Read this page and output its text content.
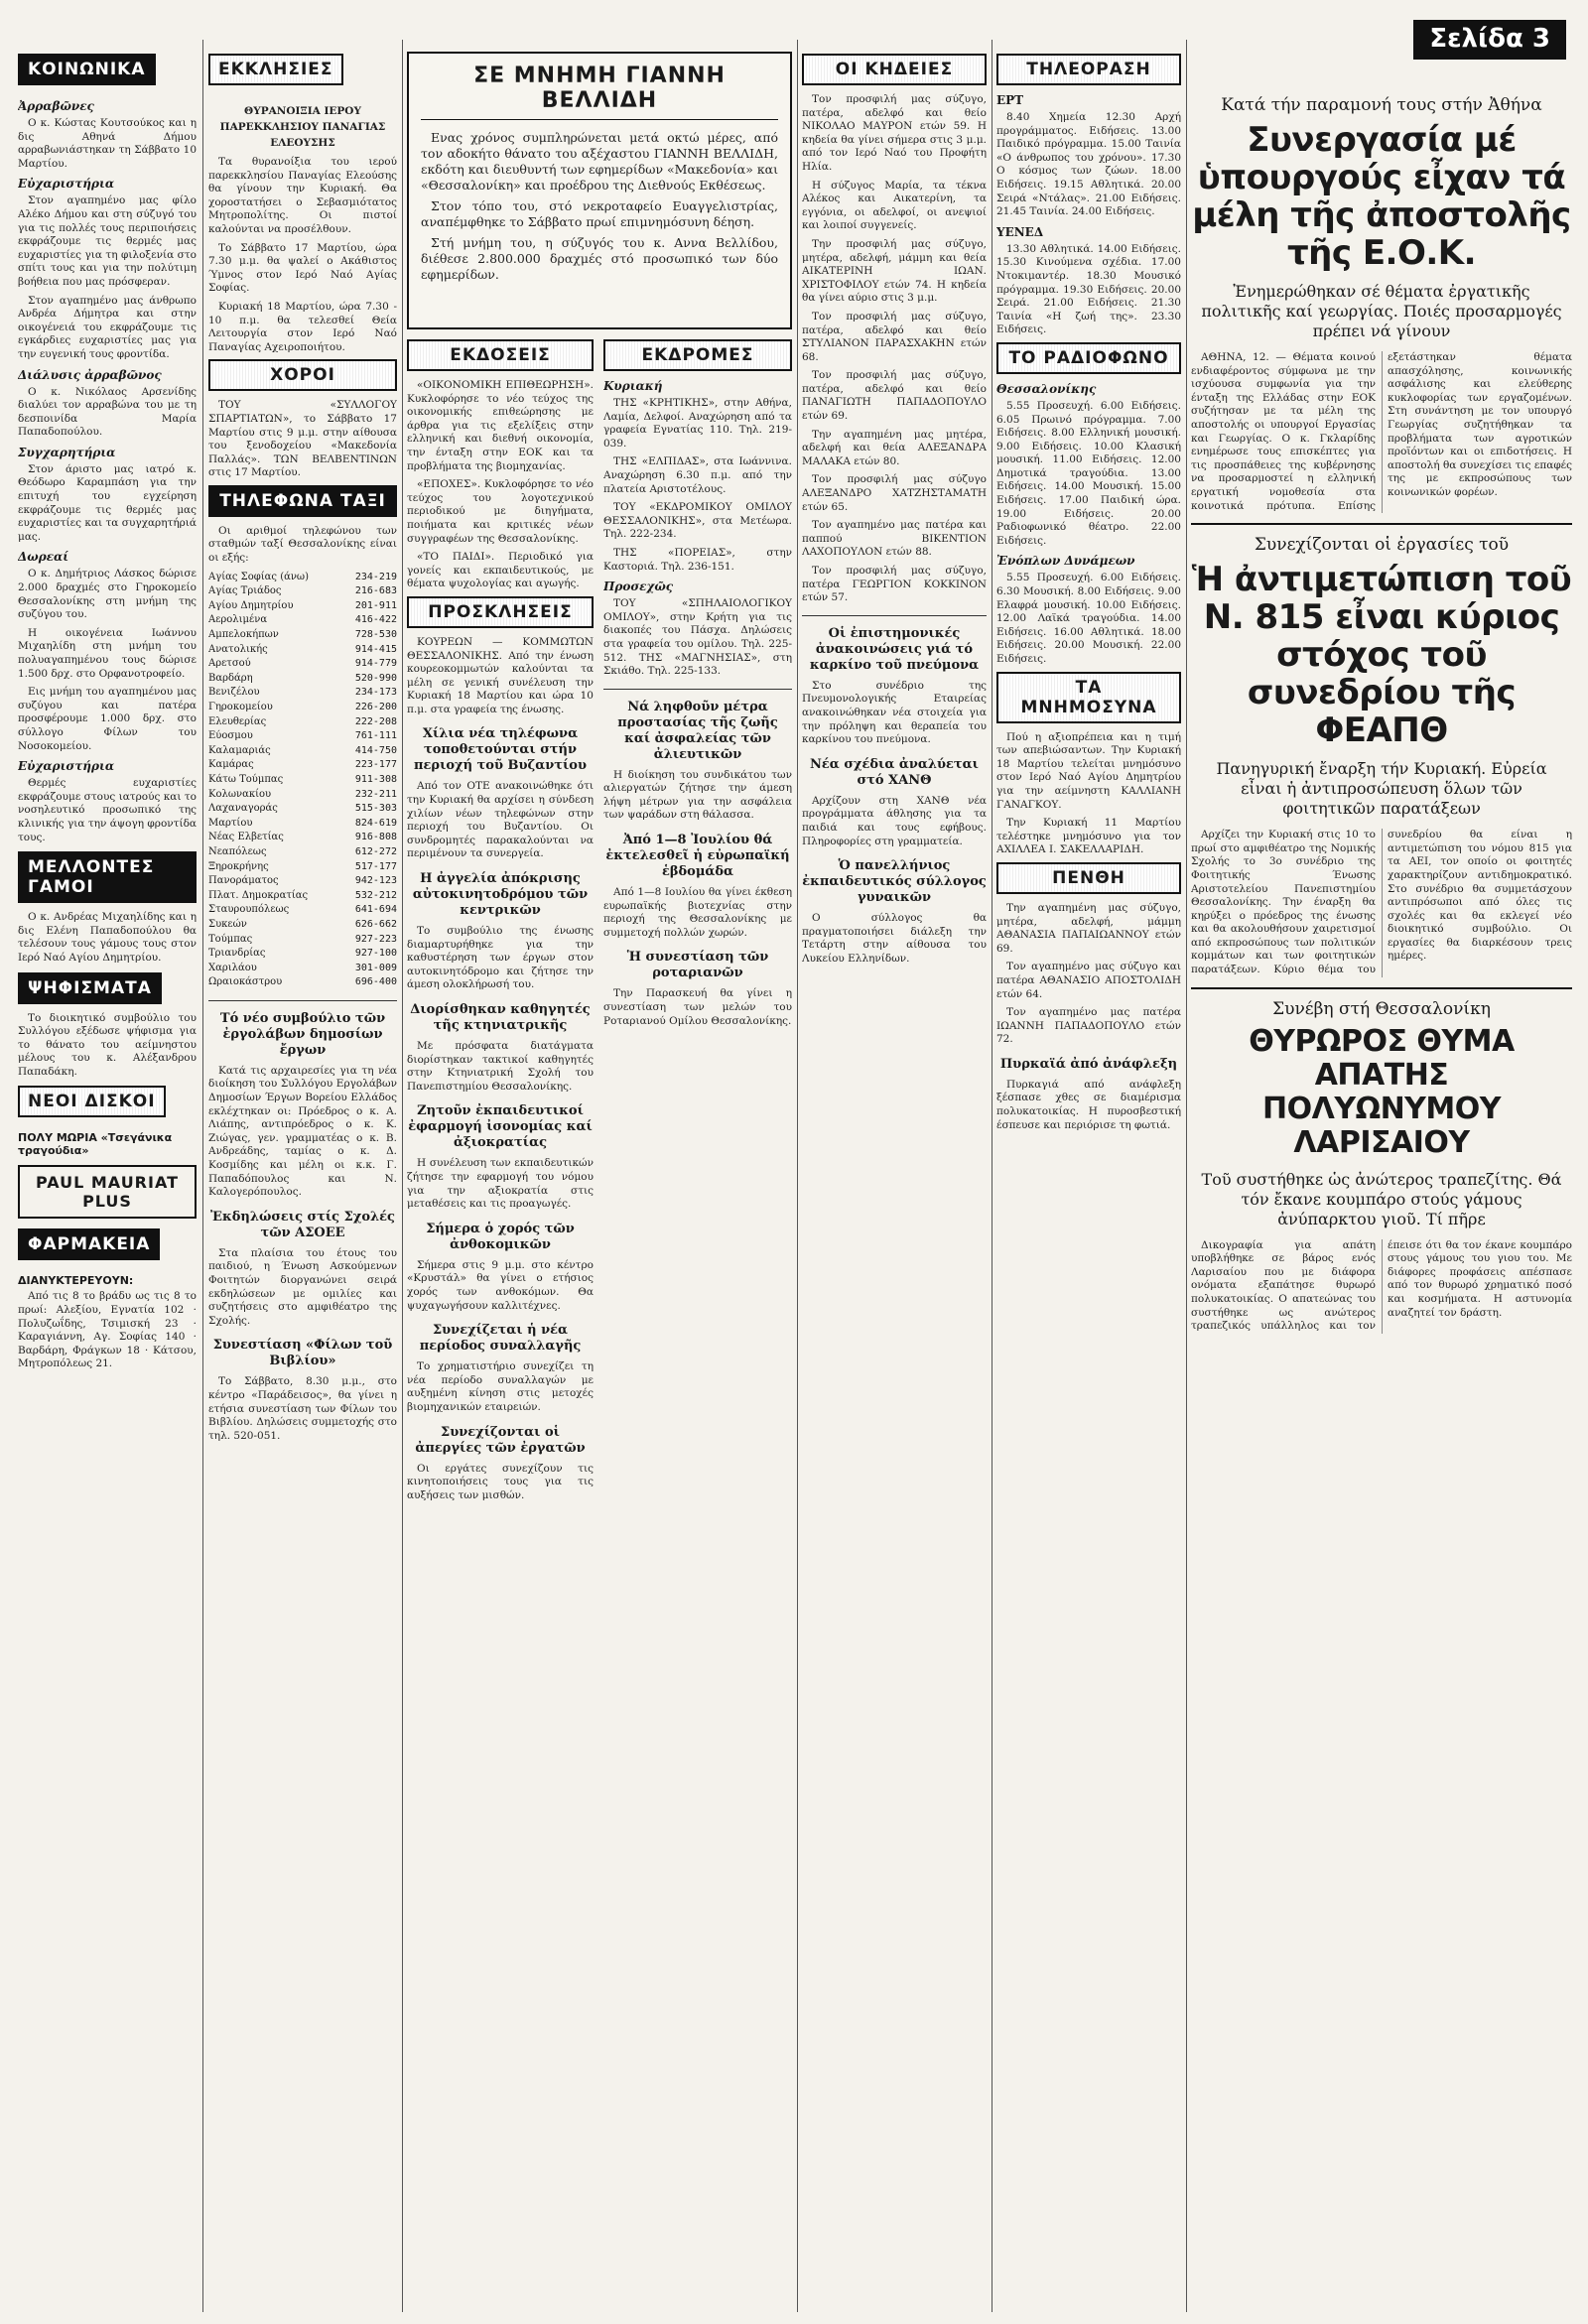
ΚΟΙΝΩΝΙΚΑ
Ἀρραβῶνες

Ο κ. Κώστας Κουτσούκος και η δις Αθηνά Δήμου αρραβωνιάστηκαν τη Σάββατο 10 Μαρτίου.

Εὐχαριστήρια

Στον αγαπημένο μας φίλο Αλέκο Δήμου και στη σύζυγό του για τις πολλές τους περιποιήσεις εκφράζουμε τις θερμές μας ευχαριστίες για τη φιλοξενία στο σπίτι τους και για την πολύτιμη βοήθεια που μας πρόσφεραν.

Στον αγαπημένο μας άνθρωπο Ανδρέα Δήμητρα και στην οικογένειά του εκφράζουμε τις εγκάρδιες ευχαριστίες μας για την ευγενική τους φροντίδα.

Διάλυσις ἀρραβῶνος

Ο κ. Νικόλαος Αρσενίδης διαλύει τον αρραβώνα του με τη δεσποινίδα Μαρία Παπαδοπούλου.

Συγχαρητήρια

Στον άριστο μας ιατρό κ. Θεόδωρο Καραμπάση για την επιτυχή του εγχείρηση εκφράζουμε τις θερμές μας ευχαριστίες και τα συγχαρητήριά μας.

Δωρεαί

Ο κ. Δημήτριος Λάσκος δώρισε 2.000 δραχμές στο Γηροκομείο Θεσσαλονίκης στη μνήμη της συζύγου του.

Η οικογένεια Ιωάννου Μιχαηλίδη στη μνήμη του πολυαγαπημένου τους δώρισε 1.500 δρχ. στο Ορφανοτροφείο.

Εις μνήμη του αγαπημένου μας συζύγου και πατέρα προσφέρουμε 1.000 δρχ. στο σύλλογο Φίλων του Νοσοκομείου.

Εὐχαριστήρια

Θερμές ευχαριστίες εκφράζουμε στους ιατρούς και το νοσηλευτικό προσωπικό της κλινικής για την άψογη φροντίδα τους.

ΜΕΛΛΟΝΤΕΣ ΓΑΜΟΙ

Ο κ. Ανδρέας Μιχαηλίδης και η δις Ελένη Παπαδοπούλου θα τελέσουν τους γάμους τους στον Ιερό Ναό Αγίου Δημητρίου.

ΨΗΦΙΣΜΑΤΑ

Το διοικητικό συμβούλιο του Συλλόγου εξέδωσε ψήφισμα για το θάνατο του αείμνηστου μέλους του κ. Αλέξανδρου Παπαδάκη.

ΝΕΟΙ ΔΙΣΚΟΙ
ΠΟΛΥ ΜΩΡΙΑ «Τσεγάνικα τραγούδια»
PAUL MAURIAT PLUS
ΦΑΡΜΑΚΕΙΑ
ΔΙΑΝΥΚΤΕΡΕΥΟΥΝ:

Από τις 8 το βράδυ ως τις 8 το πρωί: Αλεξίου, Εγνατία 102 · Πολυζωΐδης, Τσιμισκή 23 · Καραγιάννη, Αγ. Σοφίας 140 · Βαρδάρη, Φράγκων 18 · Κάτσου, Μητροπόλεως 21.

ΕΚΚΛΗΣΙΕΣ

ΘΥΡΑΝΟΙΞΙΑ ΙΕΡΟΥ ΠΑΡΕΚΚΛΗΣΙΟΥ ΠΑΝΑΓΙΑΣ ΕΛΕΟΥΣΗΣ

Τα θυρανοίξια του ιερού παρεκκλησίου Παναγίας Ελεούσης θα γίνουν την Κυριακή. Θα χοροστατήσει ο Σεβασμιότατος Μητροπολίτης. Οι πιστοί καλούνται να προσέλθουν.

Το Σάββατο 17 Μαρτίου, ώρα 7.30 μ.μ. θα ψαλεί ο Ακάθιστος Ύμνος στον Ιερό Ναό Αγίας Σοφίας.

Κυριακή 18 Μαρτίου, ώρα 7.30 - 10 π.μ. θα τελεσθεί Θεία Λειτουργία στον Ιερό Ναό Παναγίας Αχειροποιήτου.

ΧΟΡΟΙ

ΤΟΥ «ΣΥΛΛΟΓΟΥ ΣΠΑΡΤΙΑΤΩΝ», το Σάββατο 17 Μαρτίου στις 9 μ.μ. στην αίθουσα του ξενοδοχείου «Μακεδονία Παλλάς». ΤΩΝ ΒΕΛΒΕΝΤΙΝΩΝ στις 17 Μαρτίου.

ΤΗΛΕΦΩΝΑ ΤΑΞΙ

Οι αριθμοί τηλεφώνου των σταθμών ταξί Θεσσαλονίκης είναι οι εξής:

Αγίας Σοφίας (άνω)	234-219
Αγίας Τριάδος	216-683
Αγίου Δημητρίου	201-911
Αερολιμένα	416-422
Αμπελοκήπων	728-530
Ανατολικής	914-415
Αρετσού	914-779
Βαρδάρη	520-990
Βενιζέλου	234-173
Γηροκομείου	226-200
Ελευθερίας	222-208
Εύοσμου	761-111
Καλαμαριάς	414-750
Καμάρας	223-177
Κάτω Τούμπας	911-308
Κολωνακίου	232-211
Λαχαναγοράς	515-303
Μαρτίου	824-619
Νέας Ελβετίας	916-808
Νεαπόλεως	612-272
Ξηροκρήνης	517-177
Πανοράματος	942-123
Πλατ. Δημοκρατίας	532-212
Σταυρουπόλεως	641-694
Συκεών	626-662
Τούμπας	927-223
Τριανδρίας	927-100
Χαριλάου	301-009
Ωραιοκάστρου	696-400
Τό νέο συμβούλιο τῶν ἐργολάβων δημοσίων ἔργων

Κατά τις αρχαιρεσίες για τη νέα διοίκηση του Συλλόγου Εργολάβων Δημοσίων Έργων Βορείου Ελλάδος εκλέχτηκαν οι: Πρόεδρος ο κ. Α. Λιάπης, αντιπρόεδρος ο κ. Κ. Ζιώγας, γεν. γραμματέας ο κ. Β. Ανδρεάδης, ταμίας ο κ. Δ. Κοσμίδης και μέλη οι κ.κ. Γ. Παπαδόπουλος και Ν. Καλογερόπουλος.

Ἐκδηλώσεις στίς Σχολές τῶν ΑΣΟΕΕ

Στα πλαίσια του έτους του παιδιού, η Ένωση Ασκούμενων Φοιτητών διοργανώνει σειρά εκδηλώσεων με ομιλίες και συζητήσεις στο αμφιθέατρο της Σχολής.

Συνεστίαση «Φίλων τοῦ Βιβλίου»

Το Σάββατο, 8.30 μ.μ., στο κέντρο «Παράδεισος», θα γίνει η ετήσια συνεστίαση των Φίλων του Βιβλίου. Δηλώσεις συμμετοχής στο τηλ. 520-051.

ΣΕ ΜΝΗΜΗ ΓΙΑΝΝΗ ΒΕΛΛΙΔΗ

Ενας χρόνος συμπληρώνεται μετά οκτώ μέρες, από τον αδοκήτο θάνατο του αξέχαστου ΓΙΑΝΝΗ ΒΕΛΛΙΔΗ, εκδότη και διευθυντή των εφημερίδων «Μακεδονία» και «Θεσσαλονίκη» και προέδρου της Διεθνούς Εκθέσεως.

Στον τόπο του, στό νεκροταφείο Ευαγγελιστρίας, αναπέμφθηκε το Σάββατο πρωί επιμνημόσυνη δέηση.

Στή μνήμη του, η σύζυγός του κ. Αννα Βελλίδου, διέθεσε 2.800.000 δραχμές στό προσωπικό των δύο εφημερίδων.

ΕΚΔΟΣΕΙΣ

«ΟΙΚΟΝΟΜΙΚΗ ΕΠΙΘΕΩΡΗΣΗ». Κυκλοφόρησε το νέο τεύχος της οικονομικής επιθεώρησης με άρθρα για τις εξελίξεις στην ελληνική και διεθνή οικονομία, την ένταξη στην ΕΟΚ και τα προβλήματα της βιομηχανίας.

«ΕΠΟΧΕΣ». Κυκλοφόρησε το νέο τεύχος του λογοτεχνικού περιοδικού με διηγήματα, ποιήματα και κριτικές νέων συγγραφέων της Θεσσαλονίκης.

«ΤΟ ΠΑΙΔΙ». Περιοδικό για γονείς και εκπαιδευτικούς, με θέματα ψυχολογίας και αγωγής.

ΠΡΟΣΚΛΗΣΕΙΣ

ΚΟΥΡΕΩΝ — ΚΟΜΜΩΤΩΝ ΘΕΣΣΑΛΟΝΙΚΗΣ. Από την ένωση κουρεοκομμωτών καλούνται τα μέλη σε γενική συνέλευση την Κυριακή 18 Μαρτίου και ώρα 10 π.μ. στα γραφεία της ένωσης.

Χίλια νέα τηλέφωνα τοποθετούνται στήν περιοχή τοῦ Βυζαντίου

Από τον ΟΤΕ ανακοινώθηκε ότι την Κυριακή θα αρχίσει η σύνδεση χιλίων νέων τηλεφώνων στην περιοχή του Βυζαντίου. Οι συνδρομητές παρακαλούνται να περιμένουν τα συνεργεία.

Η ἀγγελία ἀπόκρισης αὐτοκινητοδρόμου τῶν κεντρικῶν

Το συμβούλιο της ένωσης διαμαρτυρήθηκε για την καθυστέρηση των έργων στον αυτοκινητόδρομο και ζήτησε την άμεση ολοκλήρωσή του.

Διορίσθηκαν καθηγητές τῆς κτηνιατρικῆς

Με πρόσφατα διατάγματα διορίστηκαν τακτικοί καθηγητές στην Κτηνιατρική Σχολή του Πανεπιστημίου Θεσσαλονίκης.

Ζητοῦν ἐκπαιδευτικοί ἐφαρμογή ἰσονομίας καί ἀξιοκρατίας

Η συνέλευση των εκπαιδευτικών ζήτησε την εφαρμογή του νόμου για την αξιοκρατία στις μεταθέσεις και τις προαγωγές.

Σήμερα ὁ χορός τῶν ἀνθοκομικῶν

Σήμερα στις 9 μ.μ. στο κέντρο «Κρυστάλ» θα γίνει ο ετήσιος χορός των ανθοκόμων. Θα ψυχαγωγήσουν καλλιτέχνες.

Συνεχίζεται ἡ νέα περίοδος συναλλαγῆς

Το χρηματιστήριο συνεχίζει τη νέα περίοδο συναλλαγών με αυξημένη κίνηση στις μετοχές βιομηχανικών εταιρειών.

Συνεχίζονται οἱ ἀπεργίες τῶν ἐργατῶν

Οι εργάτες συνεχίζουν τις κινητοποιήσεις τους για τις αυξήσεις των μισθών.

ΕΚΔΡΟΜΕΣ
Κυριακή

ΤΗΣ «ΚΡΗΤΙΚΗΣ», στην Αθήνα, Λαμία, Δελφοί. Αναχώρηση από τα γραφεία Εγνατίας 110. Τηλ. 219-039.

ΤΗΣ «ΕΛΠΙΔΑΣ», στα Ιωάννινα. Αναχώρηση 6.30 π.μ. από την πλατεία Αριστοτέλους.

ΤΟΥ «ΕΚΔΡΟΜΙΚΟΥ ΟΜΙΛΟΥ ΘΕΣΣΑΛΟΝΙΚΗΣ», στα Μετέωρα. Τηλ. 222-234.

ΤΗΣ «ΠΟΡΕΙΑΣ», στην Καστοριά. Τηλ. 236-151.

Προσεχῶς

ΤΟΥ «ΣΠΗΛΑΙΟΛΟΓΙΚΟΥ ΟΜΙΛΟΥ», στην Κρήτη για τις διακοπές του Πάσχα. Δηλώσεις στα γραφεία του ομίλου. Τηλ. 225-512. ΤΗΣ «ΜΑΓΝΗΣΙΑΣ», στη Σκιάθο. Τηλ. 225-133.

Νά ληφθοῦν μέτρα προστασίας τῆς ζωῆς καί ἀσφαλείας τῶν ἀλιευτικῶν

Η διοίκηση του συνδικάτου των αλιεργατών ζήτησε την άμεση λήψη μέτρων για την ασφάλεια των ψαράδων στη θάλασσα.

Ἀπό 1—8 Ἰουλίου θά ἐκτελεσθεῖ ἡ εὐρωπαϊκή ἑβδομάδα

Από 1—8 Ιουλίου θα γίνει έκθεση ευρωπαϊκής βιοτεχνίας στην περιοχή της Θεσσαλονίκης με συμμετοχή πολλών χωρών.

Ἡ συνεστίαση τῶν ροταριανῶν

Την Παρασκευή θα γίνει η συνεστίαση των μελών του Ροταριανού Ομίλου Θεσσαλονίκης.

ΟΙ ΚΗΔΕΙΕΣ

Τον προσφιλή μας σύζυγο, πατέρα, αδελφό και θείο ΝΙΚΟΛΑΟ ΜΑΥΡΟΝ ετών 59. Η κηδεία θα γίνει σήμερα στις 3 μ.μ. από τον Ιερό Ναό του Προφήτη Ηλία.

Η σύζυγος Μαρία, τα τέκνα Αλέκος και Αικατερίνη, τα εγγόνια, οι αδελφοί, οι ανεψιοί και λοιποί συγγενείς.

Την προσφιλή μας σύζυγο, μητέρα, αδελφή, μάμμη και θεία ΑΙΚΑΤΕΡΙΝΗ ΙΩΑΝ. ΧΡΙΣΤΟΦΙΛΟΥ ετών 74. Η κηδεία θα γίνει αύριο στις 3 μ.μ.

Τον προσφιλή μας σύζυγο, πατέρα, αδελφό και θείο ΣΤΥΛΙΑΝΟΝ ΠΑΡΑΣΧΑΚΗΝ ετών 68.

Τον προσφιλή μας σύζυγο, πατέρα, αδελφό και θείο ΠΑΝΑΓΙΩΤΗ ΠΑΠΑΔΟΠΟΥΛΟ ετών 69.

Την αγαπημένη μας μητέρα, αδελφή και θεία ΑΛΕΞΑΝΔΡΑ ΜΑΛΑΚΑ ετών 80.

Τον προσφιλή μας σύζυγο ΑΛΕΞΑΝΔΡΟ ΧΑΤΖΗΣΤΑΜΑΤΗ ετών 65.

Τον αγαπημένο μας πατέρα και παππού ΒΙΚΕΝΤΙΟΝ ΛΑΧΟΠΟΥΛΟΝ ετών 88.

Τον προσφιλή μας σύζυγο, πατέρα ΓΕΩΡΓΙΟΝ ΚΟΚΚΙΝΟΝ ετών 57.

Οἱ ἐπιστημονικές ἀνακοινώσεις γιά τό καρκίνο τοῦ πνεύμονα

Στο συνέδριο της Πνευμονολογικής Εταιρείας ανακοινώθηκαν νέα στοιχεία για την πρόληψη και θεραπεία του καρκίνου του πνεύμονα.

Νέα σχέδια ἀναλύεται στό ΧΑΝΘ

Αρχίζουν στη ΧΑΝΘ νέα προγράμματα άθλησης για τα παιδιά και τους εφήβους. Πληροφορίες στη γραμματεία.

Ὁ πανελλήνιος ἐκπαιδευτικός σύλλογος γυναικῶν

Ο σύλλογος θα πραγματοποιήσει διάλεξη την Τετάρτη στην αίθουσα του Λυκείου Ελληνίδων.

ΤΗΛΕΟΡΑΣΗ
ΕΡΤ

8.40 Χημεία 12.30 Αρχή προγράμματος. Ειδήσεις. 13.00 Παιδικό πρόγραμμα. 15.00 Ταινία «Ο άνθρωπος του χρόνου». 17.30 Ο κόσμος των ζώων. 18.00 Ειδήσεις. 19.15 Αθλητικά. 20.00 Σειρά «Ντάλας». 21.00 Ειδήσεις. 21.45 Ταινία. 24.00 Ειδήσεις.

ΥΕΝΕΔ

13.30 Αθλητικά. 14.00 Ειδήσεις. 15.30 Κινούμενα σχέδια. 17.00 Ντοκιμαντέρ. 18.30 Μουσικό πρόγραμμα. 19.30 Ειδήσεις. 20.00 Σειρά. 21.00 Ειδήσεις. 21.30 Ταινία «Η ζωή της». 23.30 Ειδήσεις.

ΤΟ ΡΑΔΙΟΦΩΝΟ
Θεσσαλονίκης

5.55 Προσευχή. 6.00 Ειδήσεις. 6.05 Πρωινό πρόγραμμα. 7.00 Ειδήσεις. 8.00 Ελληνική μουσική. 9.00 Ειδήσεις. 10.00 Κλασική μουσική. 11.00 Ειδήσεις. 12.00 Δημοτικά τραγούδια. 13.00 Ειδήσεις. 14.00 Μουσική. 15.00 Ειδήσεις. 17.00 Παιδική ώρα. 19.00 Ειδήσεις. 20.00 Ραδιοφωνικό θέατρο. 22.00 Ειδήσεις.

Ἐνόπλων Δυνάμεων

5.55 Προσευχή. 6.00 Ειδήσεις. 6.30 Μουσική. 8.00 Ειδήσεις. 9.00 Ελαφρά μουσική. 10.00 Ειδήσεις. 12.00 Λαϊκά τραγούδια. 14.00 Ειδήσεις. 16.00 Αθλητικά. 18.00 Ειδήσεις. 20.00 Μουσική. 22.00 Ειδήσεις.

ΤΑ ΜΝΗΜΟΣΥΝΑ

Πού η αξιοπρέπεια και η τιμή των απεβιώσαντων. Την Κυριακή 18 Μαρτίου τελείται μνημόσυνο στον Ιερό Ναό Αγίου Δημητρίου για την αείμνηστη ΚΑΛΛΙΑΝΗ ΓΑΝΑΓΚΟΥ.

Την Κυριακή 11 Μαρτίου τελέστηκε μνημόσυνο για τον ΑΧΙΛΛΕΑ Ι. ΣΑΚΕΛΛΑΡΙΔΗ.

ΠΕΝΘΗ

Την αγαπημένη μας σύζυγο, μητέρα, αδελφή, μάμμη ΑΘΑΝΑΣΙΑ ΠΑΠΑΙΩΑΝΝΟΥ ετών 69.

Τον αγαπημένο μας σύζυγο και πατέρα ΑΘΑΝΑΣΙΟ ΑΠΟΣΤΟΛΙΔΗ ετών 64.

Τον αγαπημένο μας πατέρα ΙΩΑΝΝΗ ΠΑΠΑΔΟΠΟΥΛΟ ετών 72.

Πυρκαϊά ἀπό ἀνάφλεξη

Πυρκαγιά από ανάφλεξη ξέσπασε χθες σε διαμέρισμα πολυκατοικίας. Η πυροσβεστική έσπευσε και περιόρισε τη φωτιά.

Σελίδα 3
Κατά τήν παραμονή τους στήν Ἀθήνα
Συνεργασία μέ ὑπουργούς εἶχαν τά μέλη τῆς ἀποστολῆς τῆς Ε.Ο.Κ.
Ἐνημερώθηκαν σέ θέματα ἐργατικῆς πολιτικῆς καί γεωργίας. Ποιές προσαρμογές πρέπει νά γίνουν

ΑΘΗΝΑ, 12. — Θέματα κοινού ενδιαφέροντος σύμφωνα με την ισχύουσα συμφωνία για την ένταξη της Ελλάδας στην ΕΟΚ συζήτησαν με τα μέλη της αποστολής οι υπουργοί Εργασίας και Γεωργίας. Ο κ. Γκλαρίδης ενημέρωσε τους επισκέπτες για τις προσπάθειες της κυβέρνησης να προσαρμοστεί η ελληνική εργατική νομοθεσία στα κοινοτικά πρότυπα. Επίσης εξετάστηκαν θέματα απασχόλησης, κοινωνικής ασφάλισης και ελεύθερης κυκλοφορίας των εργαζομένων. Στη συνάντηση με τον υπουργό Γεωργίας συζητήθηκαν τα προβλήματα των αγροτικών προϊόντων και οι επιδοτήσεις. Η αποστολή θα συνεχίσει τις επαφές της με εκπροσώπους των κοινωνικών φορέων.

Συνεχίζονται οἱ ἐργασίες τοῦ
Ἡ ἀντιμετώπιση τοῦ Ν. 815 εἶναι κύριος στόχος τοῦ συνεδρίου τῆς ΦΕΑΠΘ
Πανηγυρική ἔναρξη τήν Κυριακή. Εὐρεία εἶναι ἡ ἀντιπροσώπευση ὅλων τῶν φοιτητικῶν παρατάξεων

Αρχίζει την Κυριακή στις 10 το πρωί στο αμφιθέατρο της Νομικής Σχολής το 3ο συνέδριο της Φοιτητικής Ένωσης Αριστοτελείου Πανεπιστημίου Θεσσαλονίκης. Την έναρξη θα κηρύξει ο πρόεδρος της ένωσης και θα ακολουθήσουν χαιρετισμοί από εκπροσώπους των πολιτικών κομμάτων και των φοιτητικών παρατάξεων. Κύριο θέμα του συνεδρίου θα είναι η αντιμετώπιση του νόμου 815 για τα ΑΕΙ, τον οποίο οι φοιτητές χαρακτηρίζουν αντιδημοκρατικό. Στο συνέδριο θα συμμετάσχουν αντιπρόσωποι από όλες τις σχολές και θα εκλεγεί νέο διοικητικό συμβούλιο. Οι εργασίες θα διαρκέσουν τρεις ημέρες.

Συνέβη στή Θεσσαλονίκη
ΘΥΡΩΡΟΣ ΘΥΜΑ ΑΠΑΤΗΣ ΠΟΛΥΩΝΥΜΟΥ ΛΑΡΙΣΑΙΟΥ
Τοῦ συστήθηκε ὡς ἀνώτερος τραπεζίτης. Θά τόν ἔκανε κουμπάρο στούς γάμους ἀνύπαρκτου γιοῦ. Τί πῆρε

Δικογραφία για απάτη υποβλήθηκε σε βάρος ενός Λαρισαίου που με διάφορα ονόματα εξαπάτησε θυρωρό πολυκατοικίας. Ο απατεώνας του συστήθηκε ως ανώτερος τραπεζικός υπάλληλος και τον έπεισε ότι θα τον έκανε κουμπάρο στους γάμους του γιου του. Με διάφορες προφάσεις απέσπασε από τον θυρωρό χρηματικό ποσό και κοσμήματα. Η αστυνομία αναζητεί τον δράστη.
